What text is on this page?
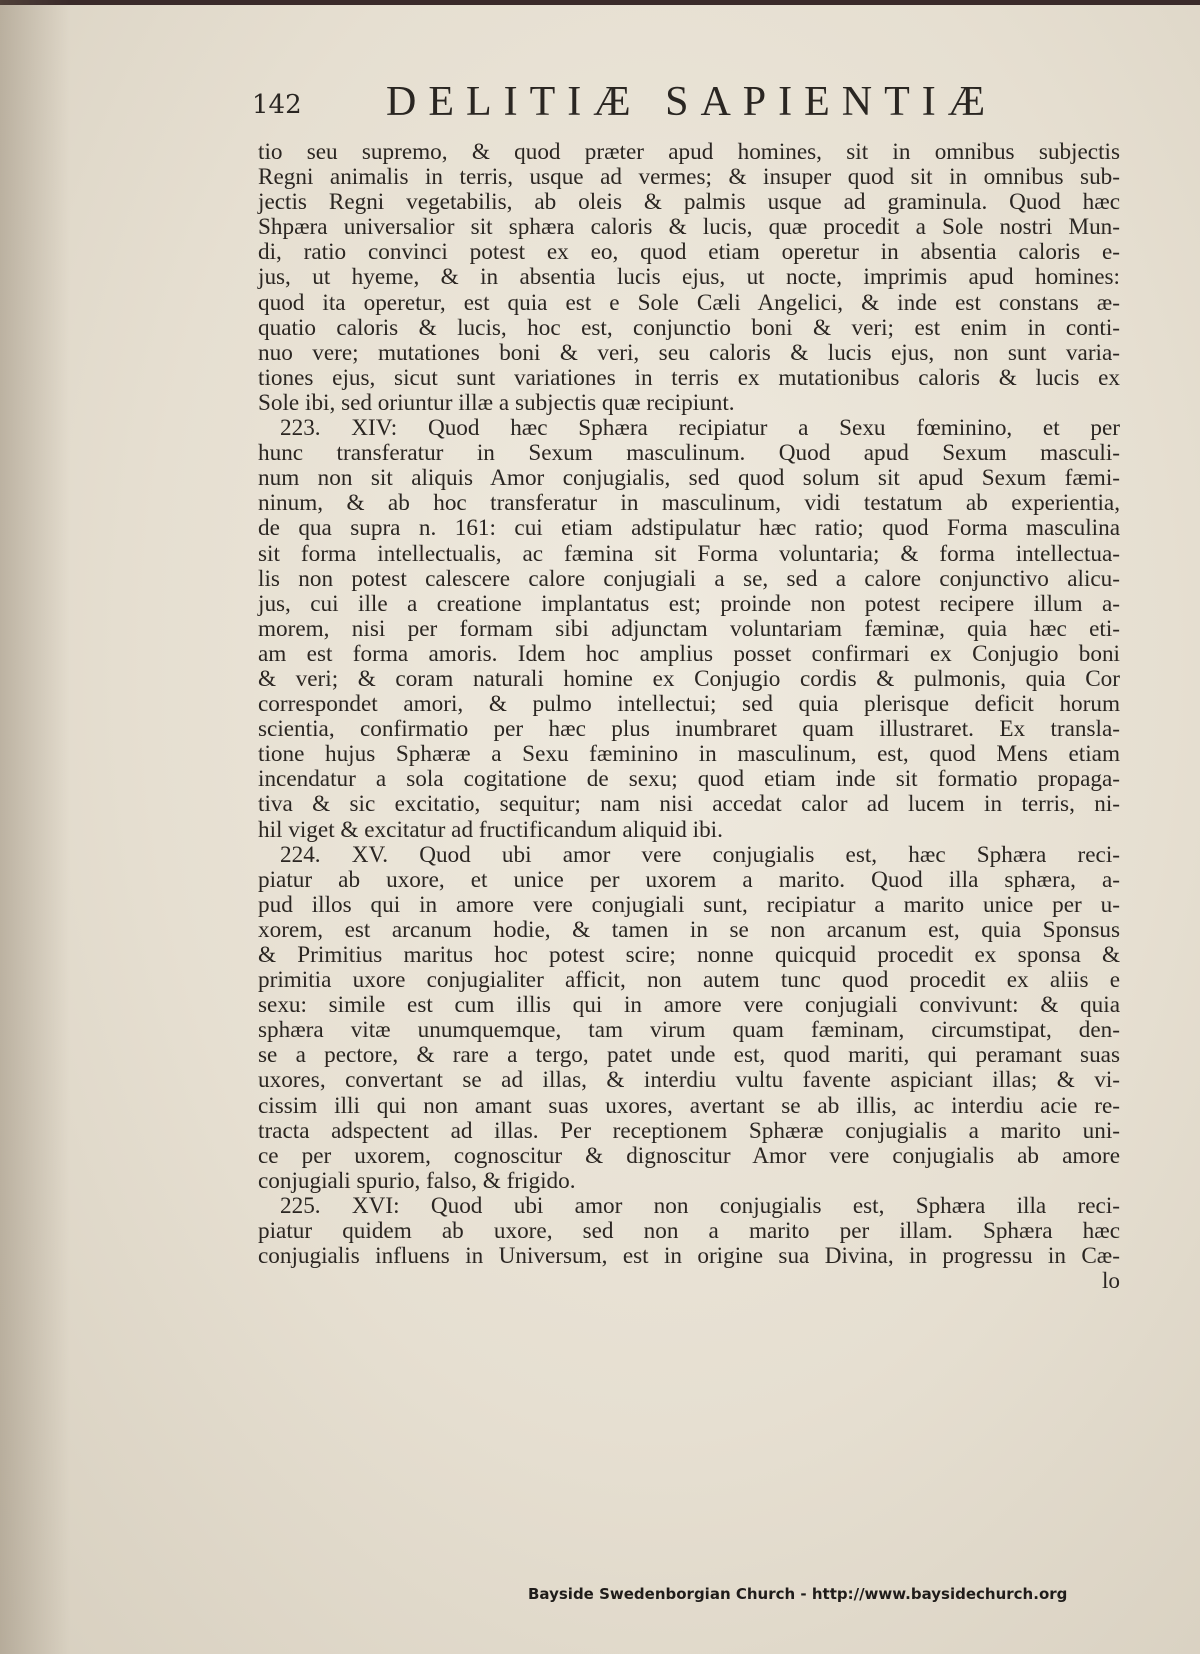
142 DELITIÆ SAPIENTIÆ
tio seu supremo, & quod præter apud homines, sit in omnibus subjectis
Regni animalis in terris, usque ad vermes; & insuper quod sit in omnibus sub-
jectis Regni vegetabilis, ab oleis & palmis usque ad graminula. Quod hæc
Shpæra universalior sit sphæra caloris & lucis, quæ procedit a Sole nostri Mun-
di, ratio convinci potest ex eo, quod etiam operetur in absentia caloris e-
jus, ut hyeme, & in absentia lucis ejus, ut nocte, imprimis apud homines:
quod ita operetur, est quia est e Sole Cæli Angelici, & inde est constans æ-
quatio caloris & lucis, hoc est, conjunctio boni & veri; est enim in conti-
nuo vere; mutationes boni & veri, seu caloris & lucis ejus, non sunt varia-
tiones ejus, sicut sunt variationes in terris ex mutationibus caloris & lucis ex
Sole ibi, sed oriuntur illæ a subjectis quæ recipiunt.
223. XIV: Quod hæc Sphæra recipiatur a Sexu fœminino, et per
hunc transferatur in Sexum masculinum. Quod apud Sexum masculi-
num non sit aliquis Amor conjugialis, sed quod solum sit apud Sexum fæmi-
ninum, & ab hoc transferatur in masculinum, vidi testatum ab experientia,
de qua supra n. 161: cui etiam adstipulatur hæc ratio; quod Forma masculina
sit forma intellectualis, ac fæmina sit Forma voluntaria; & forma intellectua-
lis non potest calescere calore conjugiali a se, sed a calore conjunctivo alicu-
jus, cui ille a creatione implantatus est; proinde non potest recipere illum a-
morem, nisi per formam sibi adjunctam voluntariam fæminæ, quia hæc eti-
am est forma amoris. Idem hoc amplius posset confirmari ex Conjugio boni
& veri; & coram naturali homine ex Conjugio cordis & pulmonis, quia Cor
correspondet amori, & pulmo intellectui; sed quia plerisque deficit horum
scientia, confirmatio per hæc plus inumbraret quam illustraret. Ex transla-
tione hujus Sphæræ a Sexu fæminino in masculinum, est, quod Mens etiam
incendatur a sola cogitatione de sexu; quod etiam inde sit formatio propaga-
tiva & sic excitatio, sequitur; nam nisi accedat calor ad lucem in terris, ni-
hil viget & excitatur ad fructificandum aliquid ibi.
224. XV. Quod ubi amor vere conjugialis est, hæc Sphæra reci-
piatur ab uxore, et unice per uxorem a marito. Quod illa sphæra, a-
pud illos qui in amore vere conjugiali sunt, recipiatur a marito unice per u-
xorem, est arcanum hodie, & tamen in se non arcanum est, quia Sponsus
& Primitius maritus hoc potest scire; nonne quicquid procedit ex sponsa &
primitia uxore conjugialiter afficit, non autem tunc quod procedit ex aliis e
sexu: simile est cum illis qui in amore vere conjugiali convivunt: & quia
sphæra vitæ unumquemque, tam virum quam fæminam, circumstipat, den-
se a pectore, & rare a tergo, patet unde est, quod mariti, qui peramant suas
uxores, convertant se ad illas, & interdiu vultu favente aspiciant illas; & vi-
cissim illi qui non amant suas uxores, avertant se ab illis, ac interdiu acie re-
tracta adspectent ad illas. Per receptionem Sphæræ conjugialis a marito uni-
ce per uxorem, cognoscitur & dignoscitur Amor vere conjugialis ab amore
conjugiali spurio, falso, & frigido.
225. XVI: Quod ubi amor non conjugialis est, Sphæra illa reci-
piatur quidem ab uxore, sed non a marito per illam. Sphæra hæc
conjugialis influens in Universum, est in origine sua Divina, in progressu in Cæ-
lo
Bayside Swedenborgian Church - http://www.baysidechurch.org
